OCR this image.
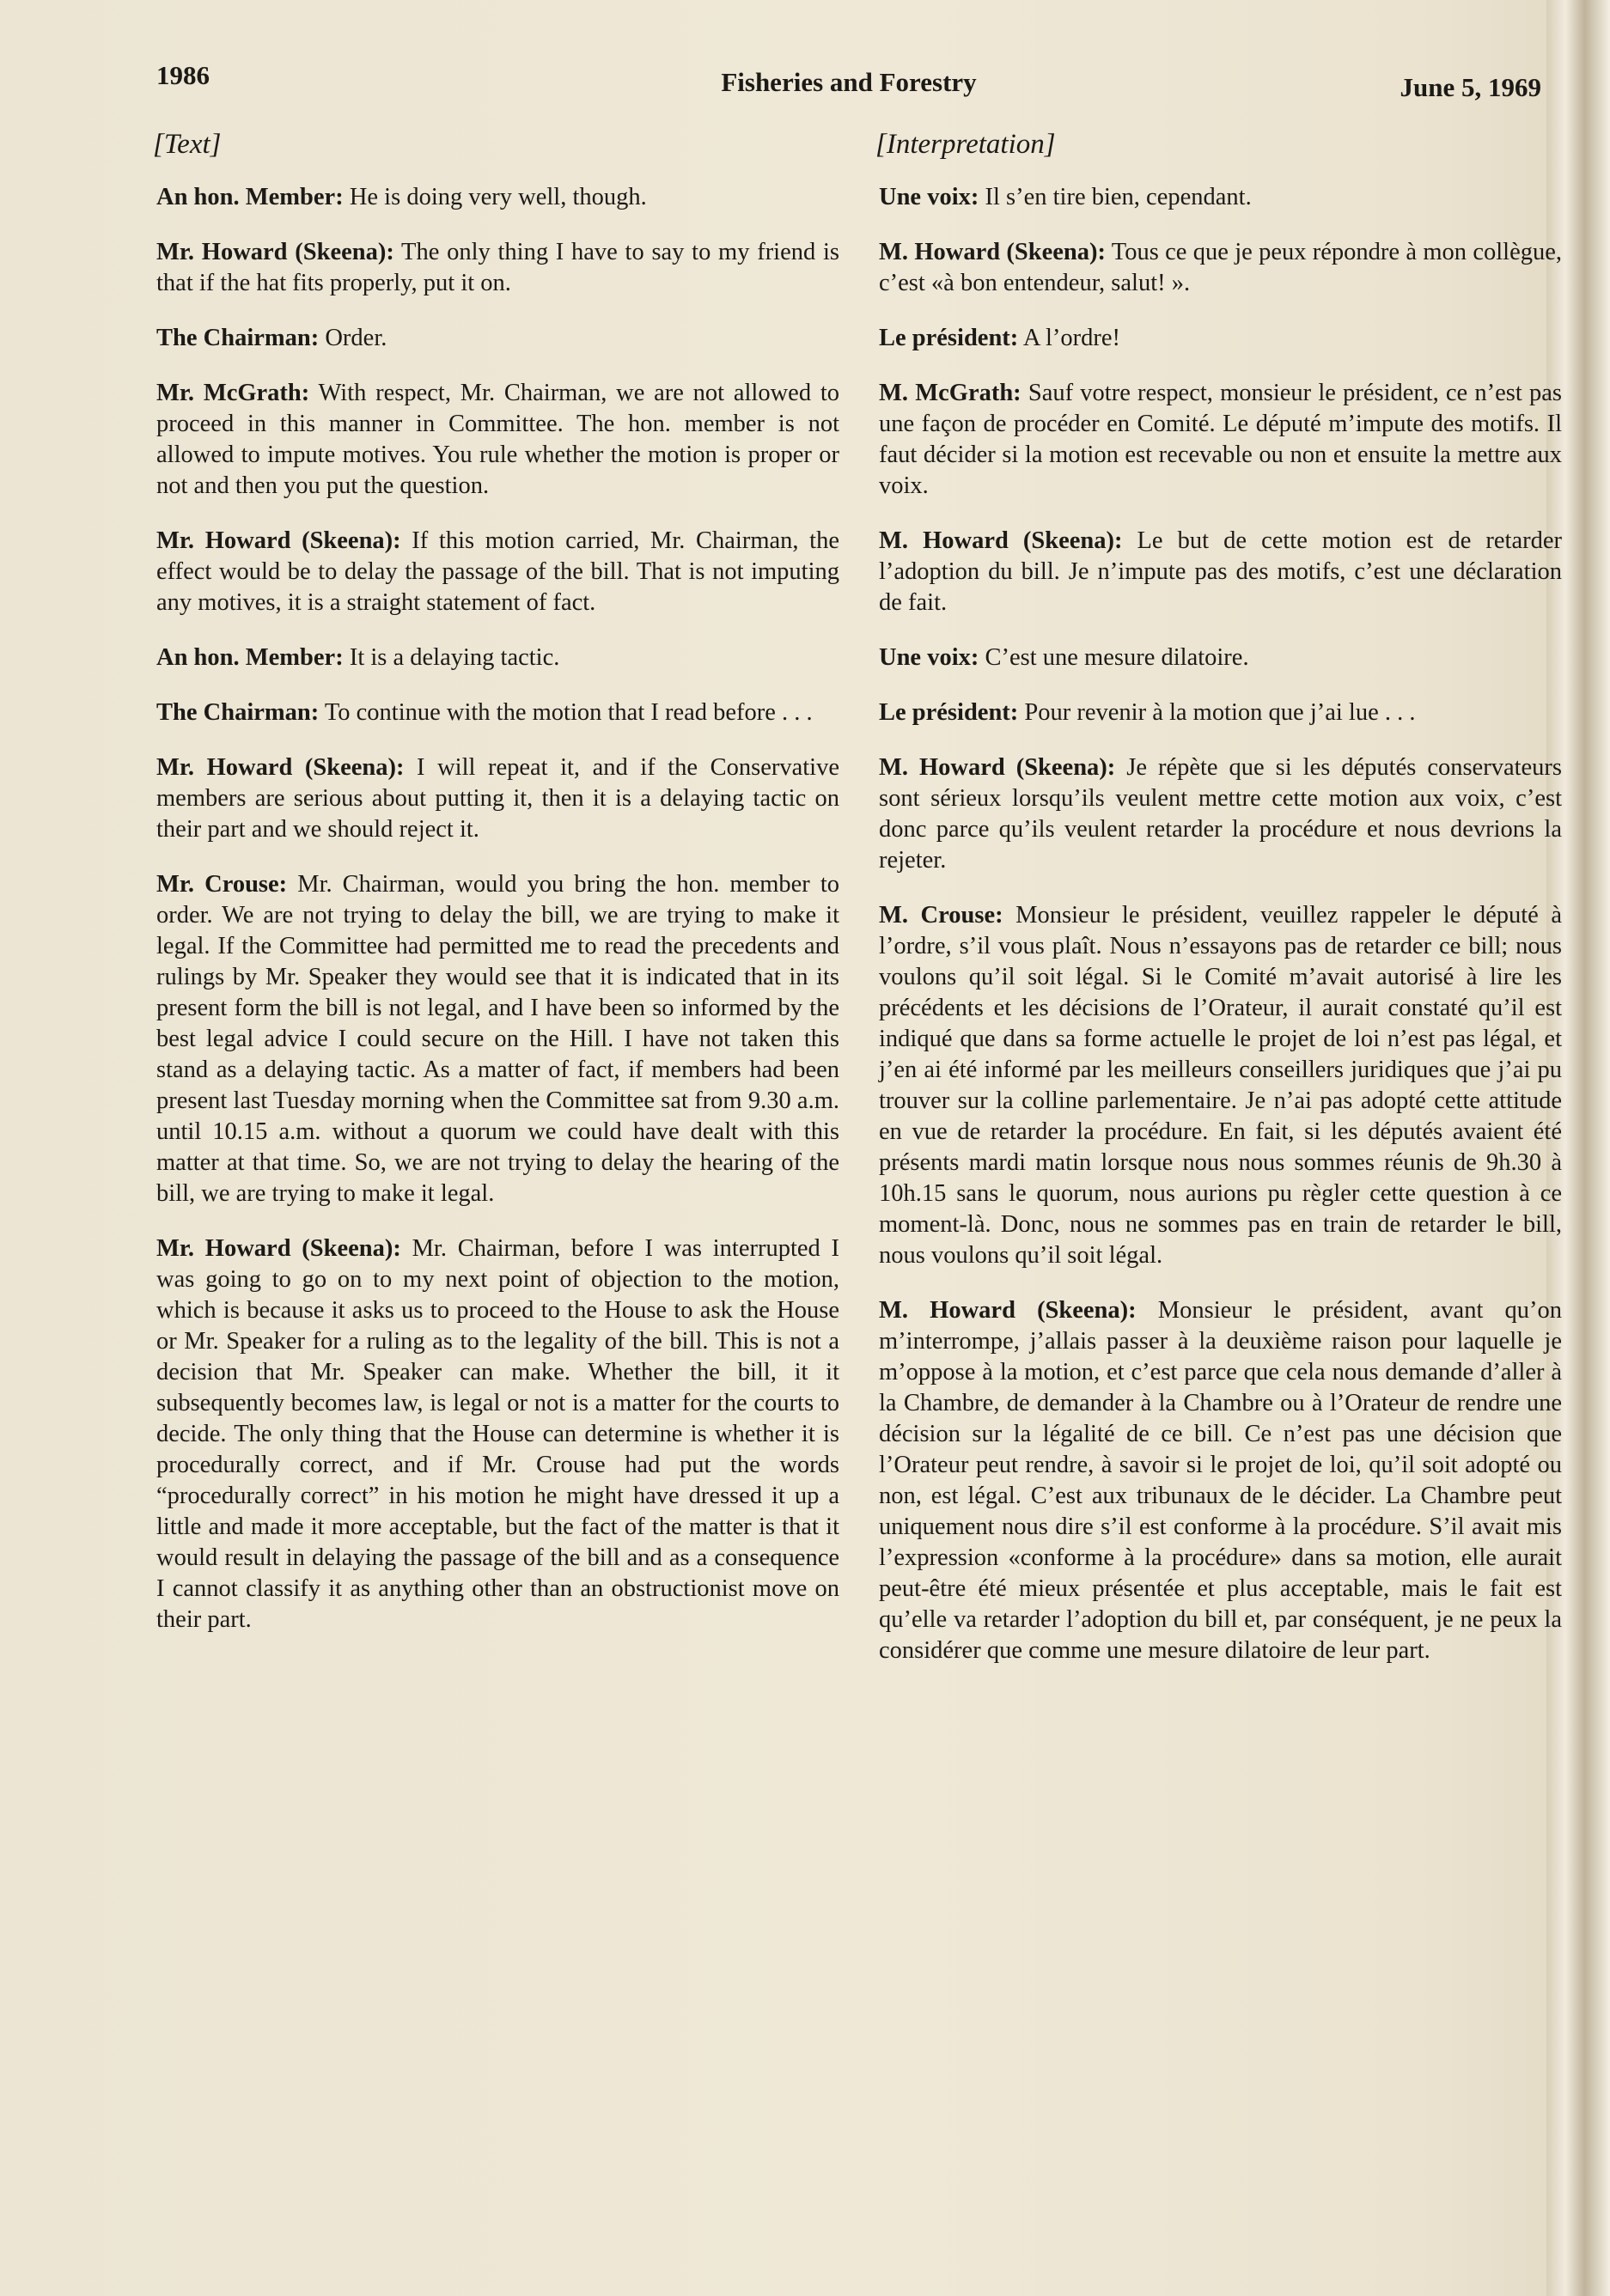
1986	Fisheries and Forestry	June 5, 1969
[Text]

An hon. Member: He is doing very well, though.

Mr. Howard (Skeena): The only thing I have to say to my friend is that if the hat fits properly, put it on.

The Chairman: Order.

Mr. McGrath: With respect, Mr. Chairman, we are not allowed to proceed in this manner in Committee. The hon. member is not allowed to impute motives. You rule whether the motion is proper or not and then you put the question.

Mr. Howard (Skeena): If this motion carried, Mr. Chairman, the effect would be to delay the passage of the bill. That is not imputing any motives, it is a straight statement of fact.

An hon. Member: It is a delaying tactic.

The Chairman: To continue with the motion that I read before . . .

Mr. Howard (Skeena): I will repeat it, and if the Conservative members are serious about putting it, then it is a delaying tactic on their part and we should reject it.

Mr. Crouse: Mr. Chairman, would you bring the hon. member to order. We are not trying to delay the bill, we are trying to make it legal. If the Committee had permitted me to read the precedents and rulings by Mr. Speaker they would see that it is indicated that in its present form the bill is not legal, and I have been so informed by the best legal advice I could secure on the Hill. I have not taken this stand as a delaying tactic. As a matter of fact, if members had been present last Tuesday morning when the Committee sat from 9.30 a.m. until 10.15 a.m. without a quorum we could have dealt with this matter at that time. So, we are not trying to delay the hearing of the bill, we are trying to make it legal.

Mr. Howard (Skeena): Mr. Chairman, before I was interrupted I was going to go on to my next point of objection to the motion, which is because it asks us to proceed to the House to ask the House or Mr. Speaker for a ruling as to the legality of the bill. This is not a decision that Mr. Speaker can make. Whether the bill, it it subsequently becomes law, is legal or not is a matter for the courts to decide. The only thing that the House can determine is whether it is procedurally correct, and if Mr. Crouse had put the words “procedurally correct” in his motion he might have dressed it up a little and made it more acceptable, but the fact of the matter is that it would result in delaying the passage of the bill and as a consequence I cannot classify it as anything other than an obstructionist move on their part.

[Interpretation]

Une voix: Il s’en tire bien, cependant.

M. Howard (Skeena): Tous ce que je peux répondre à mon collègue, c’est «à bon entendeur, salut! ».

Le président: A l’ordre!

M. McGrath: Sauf votre respect, monsieur le président, ce n’est pas une façon de procéder en Comité. Le député m’impute des motifs. Il faut décider si la motion est recevable ou non et ensuite la mettre aux voix.

M. Howard (Skeena): Le but de cette motion est de retarder l’adoption du bill. Je n’impute pas des motifs, c’est une déclaration de fait.

Une voix: C’est une mesure dilatoire.

Le président: Pour revenir à la motion que j’ai lue . . .

M. Howard (Skeena): Je répète que si les députés conservateurs sont sérieux lorsqu’ils veulent mettre cette motion aux voix, c’est donc parce qu’ils veulent retarder la procédure et nous devrions la rejeter.

M. Crouse: Monsieur le président, veuillez rappeler le député à l’ordre, s’il vous plaît. Nous n’essayons pas de retarder ce bill; nous voulons qu’il soit légal. Si le Comité m’avait autorisé à lire les précédents et les décisions de l’Orateur, il aurait constaté qu’il est indiqué que dans sa forme actuelle le projet de loi n’est pas légal, et j’en ai été informé par les meilleurs conseillers juridiques que j’ai pu trouver sur la colline parlementaire. Je n’ai pas adopté cette attitude en vue de retarder la procédure. En fait, si les députés avaient été présents mardi matin lorsque nous nous sommes réunis de 9h.30 à 10h.15 sans le quorum, nous aurions pu règler cette question à ce moment-là. Donc, nous ne sommes pas en train de retarder le bill, nous voulons qu’il soit légal.

M. Howard (Skeena): Monsieur le président, avant qu’on m’interrompe, j’allais passer à la deuxième raison pour laquelle je m’oppose à la motion, et c’est parce que cela nous demande d’aller à la Chambre, de demander à la Chambre ou à l’Orateur de rendre une décision sur la légalité de ce bill. Ce n’est pas une décision que l’Orateur peut rendre, à savoir si le projet de loi, qu’il soit adopté ou non, est légal. C’est aux tribunaux de le décider. La Chambre peut uniquement nous dire s’il est conforme à la procédure. S’il avait mis l’expression «conforme à la procédure» dans sa motion, elle aurait peut-être été mieux présentée et plus acceptable, mais le fait est qu’elle va retarder l’adoption du bill et, par conséquent, je ne peux la considérer que comme une mesure dilatoire de leur part.
